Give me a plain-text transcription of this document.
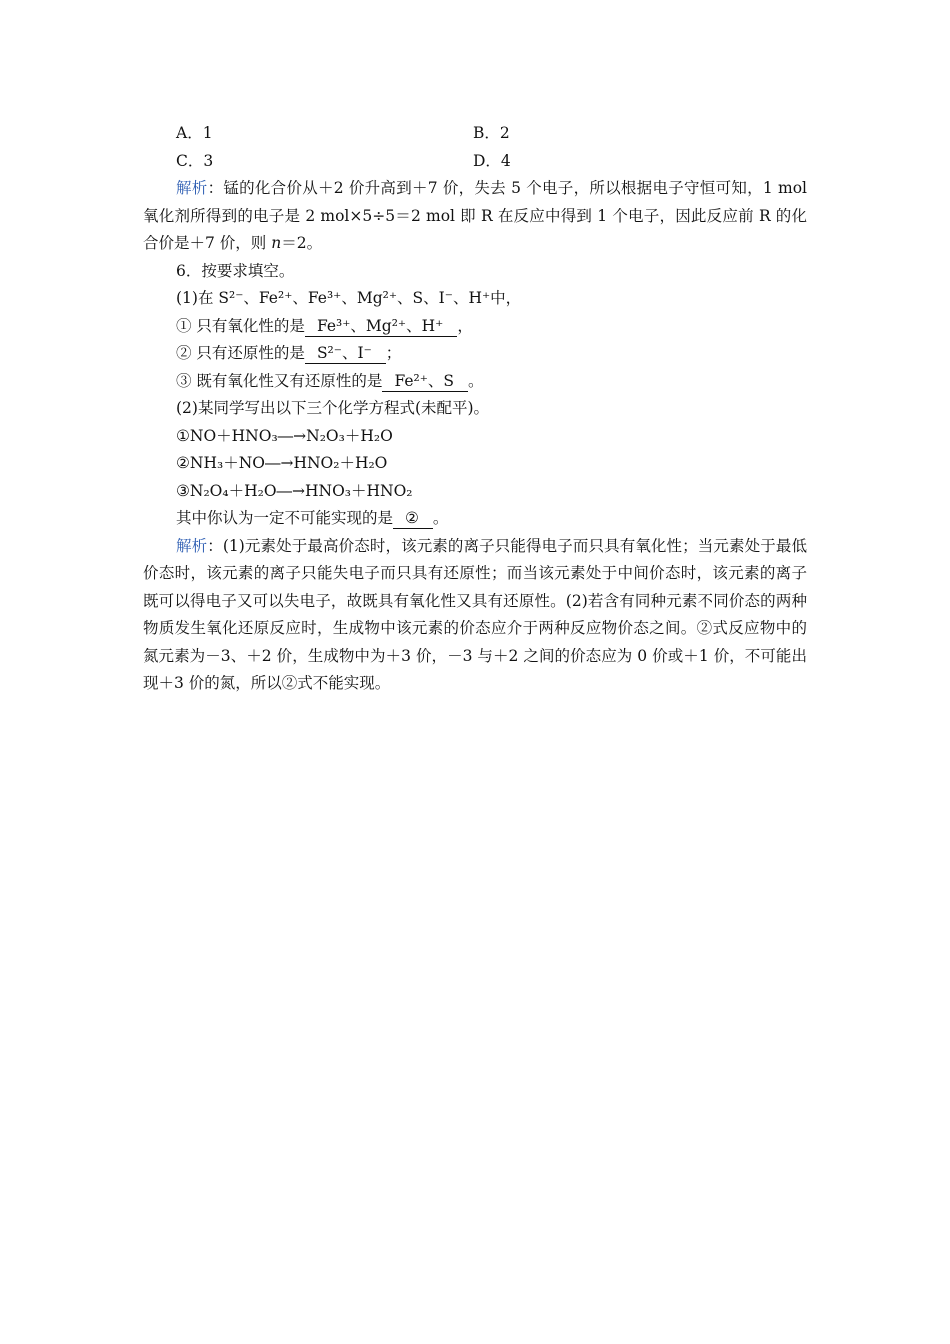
A．1	B．2
C．3	D．4

解析：锰的化合价从＋2 价升高到＋7 价，失去 5 个电子，所以根据电子守恒可知，1 mol 氧化剂所得到的电子是 2 mol×5÷5＝2 mol 即 R 在反应中得到 1 个电子，因此反应前 R 的化合价是＋7 价，则 n＝2。

6．按要求填空。
(1)在 S²⁻、Fe²⁺、Fe³⁺、Mg²⁺、S、I⁻、H⁺中，
① 只有氧化性的是 Fe³⁺、Mg²⁺、H⁺ ，
② 只有还原性的是 S²⁻、I⁻ ；
③ 既有氧化性又有还原性的是 Fe²⁺、S 。
(2)某同学写出以下三个化学方程式(未配平)。
①NO＋HNO₃―→N₂O₃＋H₂O
②NH₃＋NO―→HNO₂＋H₂O
③N₂O₄＋H₂O―→HNO₃＋HNO₂
其中你认为一定不可能实现的是 ② 。

解析：(1)元素处于最高价态时，该元素的离子只能得电子而只具有氧化性；当元素处于最低价态时，该元素的离子只能失电子而只具有还原性；而当该元素处于中间价态时，该元素的离子既可以得电子又可以失电子，故既具有氧化性又具有还原性。(2)若含有同种元素不同价态的两种物质发生氧化还原反应时，生成物中该元素的价态应介于两种反应物价态之间。②式反应物中的氮元素为－3、＋2 价，生成物中为＋3 价，－3 与＋2 之间的价态应为 0 价或＋1 价，不可能出现＋3 价的氮，所以②式不能实现。
